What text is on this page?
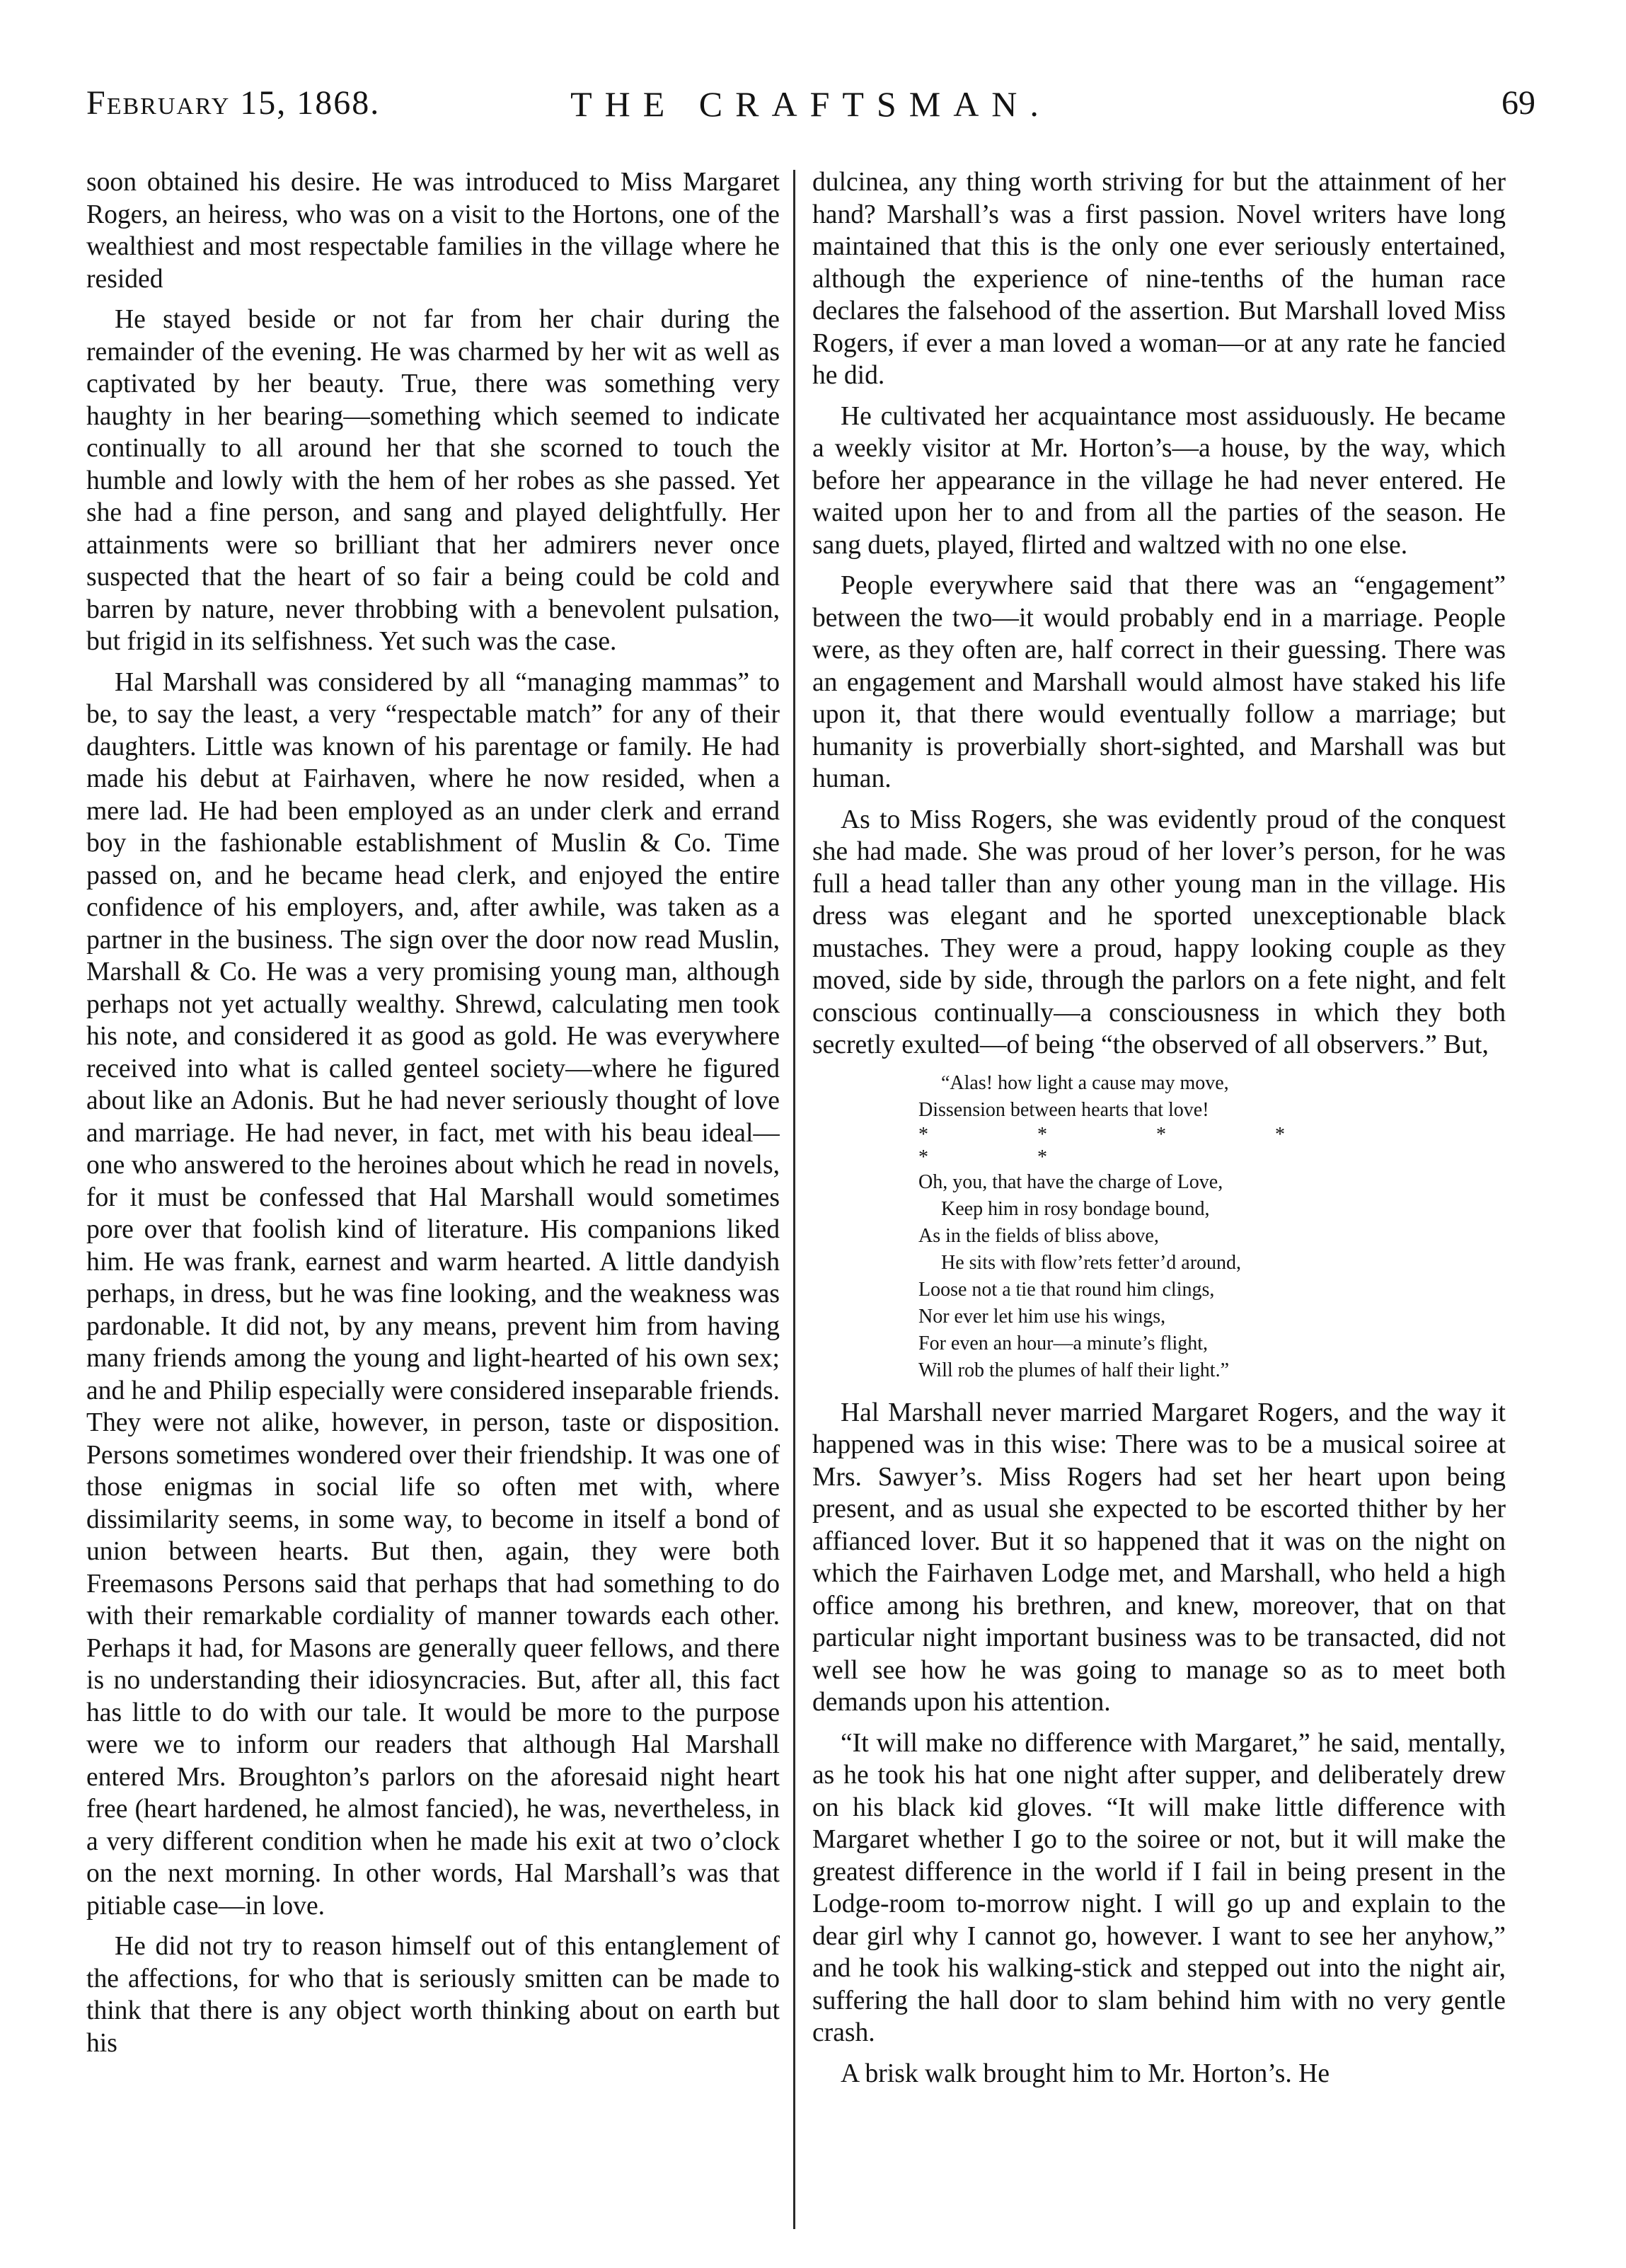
February 15, 1868.	THE CRAFTSMAN.	69

soon obtained his desire. He was introduced to Miss Margaret Rogers, an heiress, who was on a visit to the Hortons, one of the wealthiest and most respectable families in the village where he resided

He stayed beside or not far from her chair during the remainder of the evening. He was charmed by her wit as well as captivated by her beauty. True, there was something very haughty in her bearing—something which seemed to indicate continually to all around her that she scorned to touch the humble and lowly with the hem of her robes as she passed. Yet she had a fine person, and sang and played delightfully. Her attainments were so brilliant that her admirers never once suspected that the heart of so fair a being could be cold and barren by nature, never throbbing with a benevolent pulsation, but frigid in its selfishness. Yet such was the case.

Hal Marshall was considered by all “managing mammas” to be, to say the least, a very “respectable match” for any of their daughters. Little was known of his parentage or family. He had made his debut at Fairhaven, where he now resided, when a mere lad. He had been employed as an under clerk and errand boy in the fashionable establishment of Muslin & Co. Time passed on, and he became head clerk, and enjoyed the entire confidence of his employers, and, after awhile, was taken as a partner in the business. The sign over the door now read Muslin, Marshall & Co. He was a very promising young man, although perhaps not yet actually wealthy. Shrewd, calculating men took his note, and considered it as good as gold. He was everywhere received into what is called genteel society—where he figured about like an Adonis. But he had never seriously thought of love and marriage. He had never, in fact, met with his beau ideal—one who answered to the heroines about which he read in novels, for it must be confessed that Hal Marshall would sometimes pore over that foolish kind of literature. His companions liked him. He was frank, earnest and warm hearted. A little dandyish perhaps, in dress, but he was fine looking, and the weakness was pardonable. It did not, by any means, prevent him from having many friends among the young and light-hearted of his own sex; and he and Philip especially were considered inseparable friends. They were not alike, however, in person, taste or disposition. Persons sometimes wondered over their friendship. It was one of those enigmas in social life so often met with, where dissimilarity seems, in some way, to become in itself a bond of union between hearts. But then, again, they were both Freemasons Persons said that perhaps that had something to do with their remarkable cordiality of manner towards each other. Perhaps it had, for Masons are generally queer fellows, and there is no understanding their idiosyncracies. But, after all, this fact has little to do with our tale. It would be more to the purpose were we to inform our readers that although Hal Marshall entered Mrs. Broughton’s parlors on the aforesaid night heart free (heart hardened, he almost fancied), he was, nevertheless, in a very different condition when he made his exit at two o’clock on the next morning. In other words, Hal Marshall’s was that pitiable case—in love.

He did not try to reason himself out of this entanglement of the affections, for who that is seriously smitten can be made to think that there is any object worth thinking about on earth but his

dulcinea, any thing worth striving for but the attainment of her hand? Marshall’s was a first passion. Novel writers have long maintained that this is the only one ever seriously entertained, although the experience of nine-tenths of the human race declares the falsehood of the assertion. But Marshall loved Miss Rogers, if ever a man loved a woman—or at any rate he fancied he did.

He cultivated her acquaintance most assiduously. He became a weekly visitor at Mr. Horton’s—a house, by the way, which before her appearance in the village he had never entered. He waited upon her to and from all the parties of the season. He sang duets, played, flirted and waltzed with no one else.

People everywhere said that there was an “engagement” between the two—it would probably end in a marriage. People were, as they often are, half correct in their guessing. There was an engagement and Marshall would almost have staked his life upon it, that there would eventually follow a marriage; but humanity is proverbially short-sighted, and Marshall was but human.

As to Miss Rogers, she was evidently proud of the conquest she had made. She was proud of her lover’s person, for he was full a head taller than any other young man in the village. His dress was elegant and he sported unexceptionable black mustaches. They were a proud, happy looking couple as they moved, side by side, through the parlors on a fete night, and felt conscious continually—a consciousness in which they both secretly exulted—of being “the observed of all observers.” But,

“Alas! how light a cause may move,
Dissension between hearts that love!
* * * * * *
Oh, you, that have the charge of Love,
Keep him in rosy bondage bound,
As in the fields of bliss above,
He sits with flow’rets fetter’d around,
Loose not a tie that round him clings,
Nor ever let him use his wings,
For even an hour—a minute’s flight,
Will rob the plumes of half their light.”

Hal Marshall never married Margaret Rogers, and the way it happened was in this wise: There was to be a musical soiree at Mrs. Sawyer’s. Miss Rogers had set her heart upon being present, and as usual she expected to be escorted thither by her affianced lover. But it so happened that it was on the night on which the Fairhaven Lodge met, and Marshall, who held a high office among his brethren, and knew, moreover, that on that particular night important business was to be transacted, did not well see how he was going to manage so as to meet both demands upon his attention.

“It will make no difference with Margaret,” he said, mentally, as he took his hat one night after supper, and deliberately drew on his black kid gloves. “It will make little difference with Margaret whether I go to the soiree or not, but it will make the greatest difference in the world if I fail in being present in the Lodge-room to-morrow night. I will go up and explain to the dear girl why I cannot go, however. I want to see her anyhow,” and he took his walking-stick and stepped out into the night air, suffering the hall door to slam behind him with no very gentle crash.

A brisk walk brought him to Mr. Horton’s. He
